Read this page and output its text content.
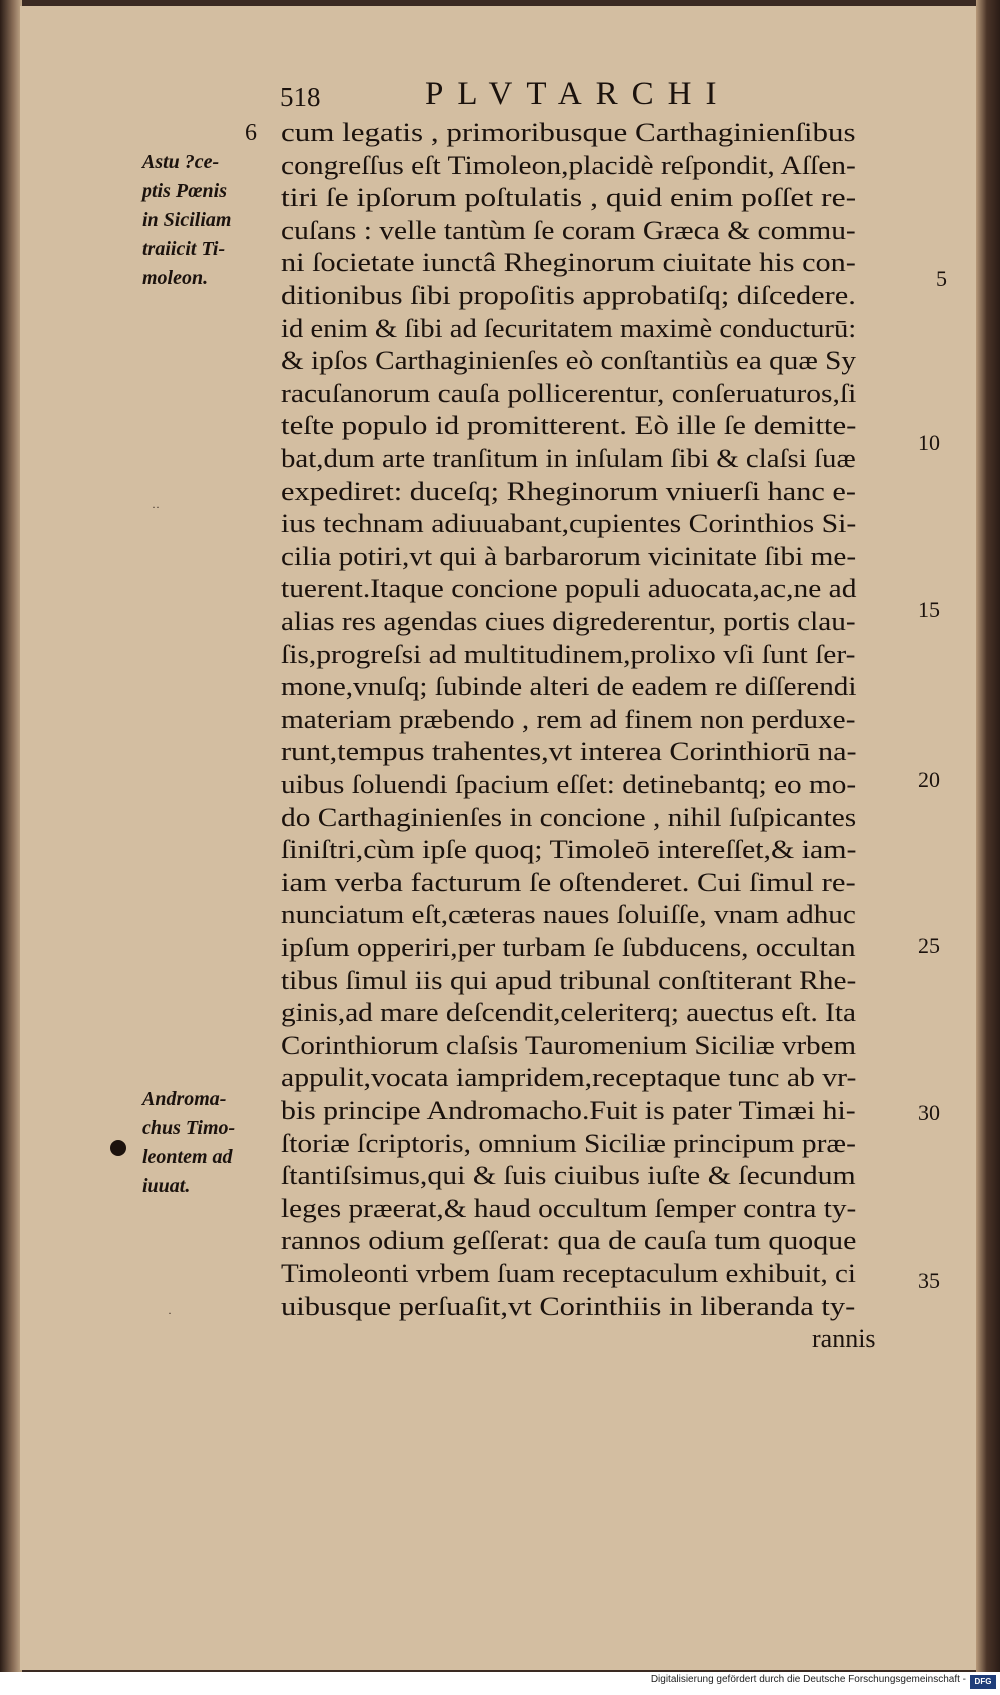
518	PLVTARCHI
6 cum legatis , primoribusque Carthaginienſibus
congreſſus eſt Timoleon,placidè reſpondit, Aſſen-
tiri ſe ipſorum poſtulatis , quid enim poſſet re-
cuſans : velle tantùm ſe coram Græca & commu-
ni ſocietate iunctâ Rheginorum ciuitate his con-
ditionibus ſibi propoſitis approbatiſq; diſcedere.
id enim & ſibi ad ſecuritatem maximè conducturū:
& ipſos Carthaginienſes eò conſtantiùs ea quæ Sy
racuſanorum cauſa pollicerentur, conſeruaturos,ſi
teſte populo id promitterent. Eò ille ſe demitte-
bat,dum arte tranſitum in inſulam ſibi & claſsi ſuæ
expediret: duceſq; Rheginorum vniuerſi hanc e-
ius technam adiuuabant,cupientes Corinthios Si-
cilia potiri,vt qui à barbarorum vicinitate ſibi me-
tuerent.Itaque concione populi aduocata,ac,ne ad
alias res agendas ciues digrederentur, portis clau-
ſis,progreſsi ad multitudinem,prolixo vſi ſunt ſer-
mone,vnuſq; ſubinde alteri de eadem re diſſerendi
materiam præbendo , rem ad finem non perduxe-
runt,tempus trahentes,vt interea Corinthiorū na-
uibus ſoluendi ſpacium eſſet: detinebantq; eo mo-
do Carthaginienſes in concione , nihil ſuſpicantes
ſiniſtri,cùm ipſe quoq; Timoleō intereſſet,& iam-
iam verba facturum ſe oſtenderet. Cui ſimul re-
nunciatum eſt,cæteras naues ſoluiſſe, vnam adhuc
ipſum opperiri,per turbam ſe ſubducens, occultan
tibus ſimul iis qui apud tribunal conſtiterant Rhe-
ginis,ad mare deſcendit,celeriterq; auectus eſt. Ita
Corinthiorum claſsis Tauromenium Siciliæ vrbem
appulit,vocata iampridem,receptaque tunc ab vr-
bis principe Andromacho.Fuit is pater Timæi hi-
ſtoriæ ſcriptoris, omnium Siciliæ principum præ-
ſtantiſsimus,qui & ſuis ciuibus iuſte & ſecundum
leges præerat,& haud occultum ſemper contra ty-
rannos odium geſſerat: qua de cauſa tum quoque
Timoleonti vrbem ſuam receptaculum exhibuit, ci
uibusque perſuaſit,vt Corinthiis in liberanda ty-
rannis
Astu ?ce-
ptis Pœnis
in Siciliam
traiicit Ti-
moleon.
Androma-
chus Timo-
leontem ad
iuuat.
··
·
5
10
15
20
25
30
35
Digitalisierung gefördert durch die Deutsche Forschungsgemeinschaft -	DFG
